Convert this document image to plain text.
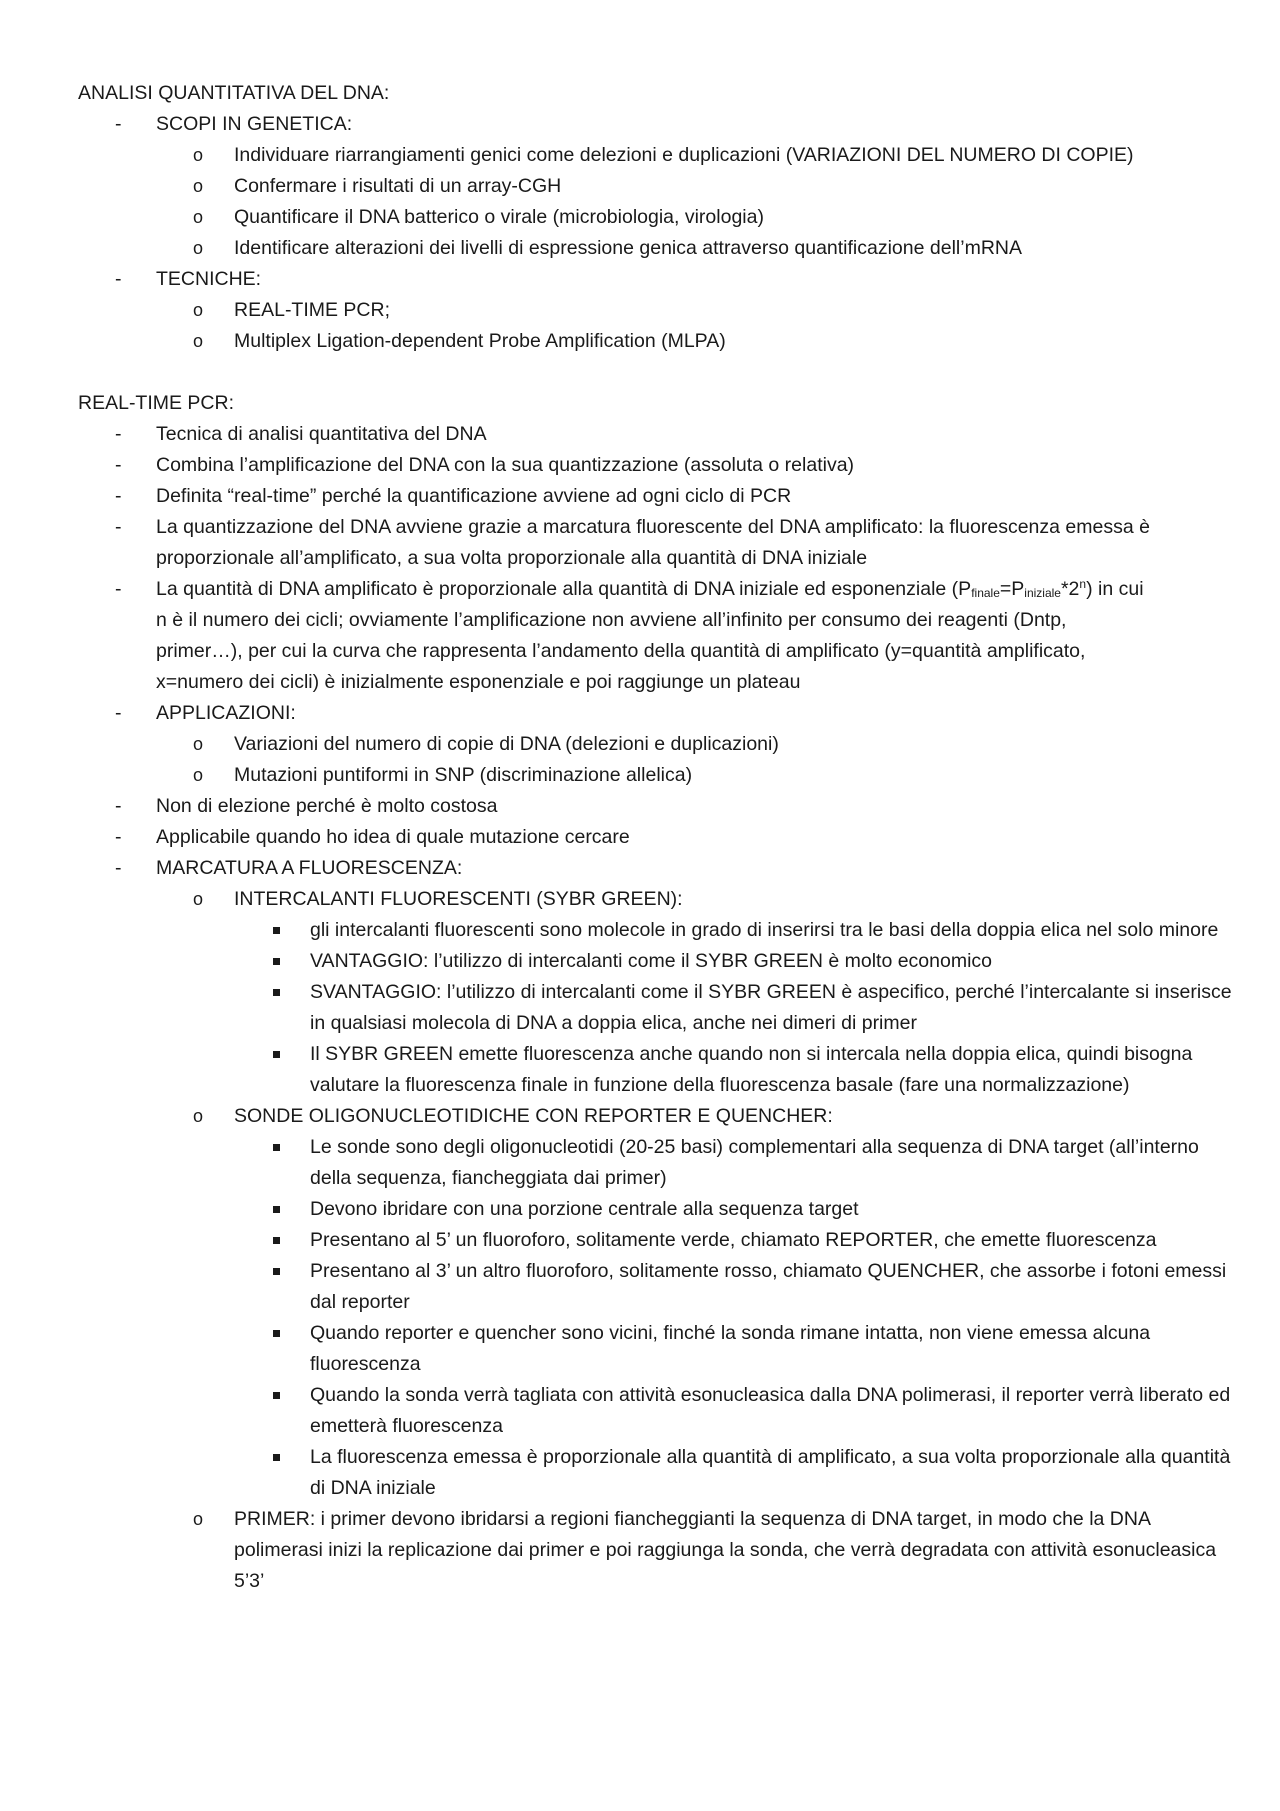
ANALISI QUANTITATIVA DEL DNA:

- SCOPI IN GENETICA:
o Individuare riarrangiamenti genici come delezioni e duplicazioni (VARIAZIONI DEL NUMERO DI COPIE)
o Confermare i risultati di un array-CGH
o Quantificare il DNA batterico o virale (microbiologia, virologia)
o Identificare alterazioni dei livelli di espressione genica attraverso quantificazione dell’mRNA
- TECNICHE:
o REAL-TIME PCR;
o Multiplex Ligation-dependent Probe Amplification (MLPA)

REAL-TIME PCR:

- Tecnica di analisi quantitativa del DNA
- Combina l’amplificazione del DNA con la sua quantizzazione (assoluta o relativa)
- Definita “real-time” perché la quantificazione avviene ad ogni ciclo di PCR
- La quantizzazione del DNA avviene grazie a marcatura fluorescente del DNA amplificato: la fluorescenza emessa è proporzionale all’amplificato, a sua volta proporzionale alla quantità di DNA iniziale
- La quantità di DNA amplificato è proporzionale alla quantità di DNA iniziale ed esponenziale $(P_{finale}=P_{iniziale}*2^n)$ in cui n è il numero dei cicli; ovviamente l’amplificazione non avviene all’infinito per consumo dei reagenti (Dntp, primer…), per cui la curva che rappresenta l’andamento della quantità di amplificato (y=quantità amplificato, x=numero dei cicli) è inizialmente esponenziale e poi raggiunge un plateau
- APPLICAZIONI:
o Variazioni del numero di copie di DNA (delezioni e duplicazioni)
o Mutazioni puntiformi in SNP (discriminazione allelica)
- Non di elezione perché è molto costosa
- Applicabile quando ho idea di quale mutazione cercare
- MARCATURA A FLUORESCENZA:
o INTERCALANTI FLUORESCENTI (SYBR GREEN):
gli intercalanti fluorescenti sono molecole in grado di inserirsi tra le basi della doppia elica nel solo minore
VANTAGGIO: l’utilizzo di intercalanti come il SYBR GREEN è molto economico
SVANTAGGIO: l’utilizzo di intercalanti come il SYBR GREEN è aspecifico, perché l’intercalante si inserisce in qualsiasi molecola di DNA a doppia elica, anche nei dimeri di primer
Il SYBR GREEN emette fluorescenza anche quando non si intercala nella doppia elica, quindi bisogna valutare la fluorescenza finale in funzione della fluorescenza basale (fare una normalizzazione)
o SONDE OLIGONUCLEOTIDICHE CON REPORTER E QUENCHER:
Le sonde sono degli oligonucleotidi (20-25 basi) complementari alla sequenza di DNA target (all’interno della sequenza, fiancheggiata dai primer)
Devono ibridare con una porzione centrale alla sequenza target
Presentano al 5’ un fluoroforo, solitamente verde, chiamato REPORTER, che emette fluorescenza
Presentano al 3’ un altro fluoroforo, solitamente rosso, chiamato QUENCHER, che assorbe i fotoni emessi dal reporter
Quando reporter e quencher sono vicini, finché la sonda rimane intatta, non viene emessa alcuna fluorescenza
Quando la sonda verrà tagliata con attività esonucleasica dalla DNA polimerasi, il reporter verrà liberato ed emetterà fluorescenza
La fluorescenza emessa è proporzionale alla quantità di amplificato, a sua volta proporzionale alla quantità di DNA iniziale
o PRIMER: i primer devono ibridarsi a regioni fiancheggianti la sequenza di DNA target, in modo che la DNA polimerasi inizi la replicazione dai primer e poi raggiunga la sonda, che verrà degradata con attività esonucleasica 5’3’
